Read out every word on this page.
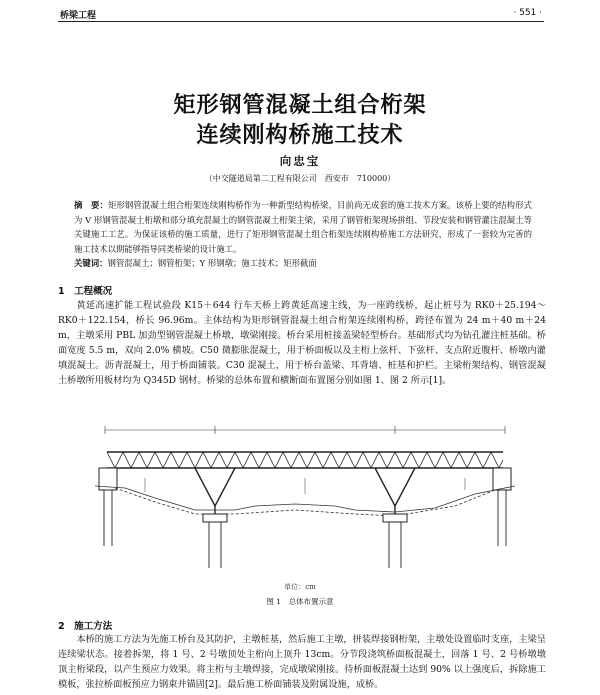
桥梁工程	· 551 ·
矩形钢管混凝土组合桁架
连续刚构桥施工技术
向忠宝
（中交隧道局第二工程有限公司　西安市　710000）
摘　要：矩形钢管混凝土组合桁架连续刚构桥作为一种新型结构桥梁，目前尚无成套的施工技术方案。该桥上要的结构形式为 V 形钢管混凝土桁墩和部分填充混凝土的钢管混凝土桁架主梁，采用了钢管桁架现场拼组、节段安装和钢管灌注混凝土等关键施工工艺。为保证该桥的施工质量，进行了矩形钢管混凝土组合桁架连续刚构桥施工方法研究，形成了一套较为完善的施工技术以期能够指导同类桥梁的设计施工。
关键词：钢管混凝土；钢管桁架；Y 形钢墩；施工技术；矩形截面
1　工程概况
黄延高速扩能工程试验段 K15＋644 行车天桥上跨黄延高速主线，为一座跨线桥，起止桩号为 RK0＋25.194～RK0＋122.154，桥长 96.96m。主体结构为矩形钢管混凝土组合桁架连续刚构桥，跨径布置为 24 m＋40 m＋24 m，主墩采用 PBL 加劲型钢管混凝土桥墩，墩梁刚接。桥台采用桩接盖梁轻型桥台。基础形式均为钻孔灌注桩基础。桥面宽度 5.5 m，双向 2.0% 横坡。C50 微膨胀混凝土，用于桥面板以及主桁上弦杆、下弦杆、支点附近腹杆、桥墩内灌填混凝土。沥青混凝土，用于桥面铺装。C30 混凝土，用于桥台盖梁、耳背墙、桩基和护栏。主梁桁架结构、钢管混凝土桥墩所用板材均为 Q345D 钢材。桥梁的总体布置和横断面布置图分别如图 1、图 2 所示[1]。
单位：cm
图 1　总体布置示意
2　施工方法
本桥的施工方法为先施工桥台及其防护，主墩桩基，然后施工主墩，拼装焊接钢桁架，主墩处设置临时支座，主梁呈连续梁状态。接着拆架，将 1 号、2 号墩顶处主桁向上顶升 13cm。分节段浇筑桥面板混凝土，回落 1 号、2 号桥墩墩顶主桁梁段，以产生预应力效果。将主桁与主墩焊接，完成墩梁刚接。待桥面板混凝土达到 90% 以上强度后，拆除施工模板，张拉桥面板预应力钢束并锚固[2]。最后施工桥面铺装及附属设施，成桥。
